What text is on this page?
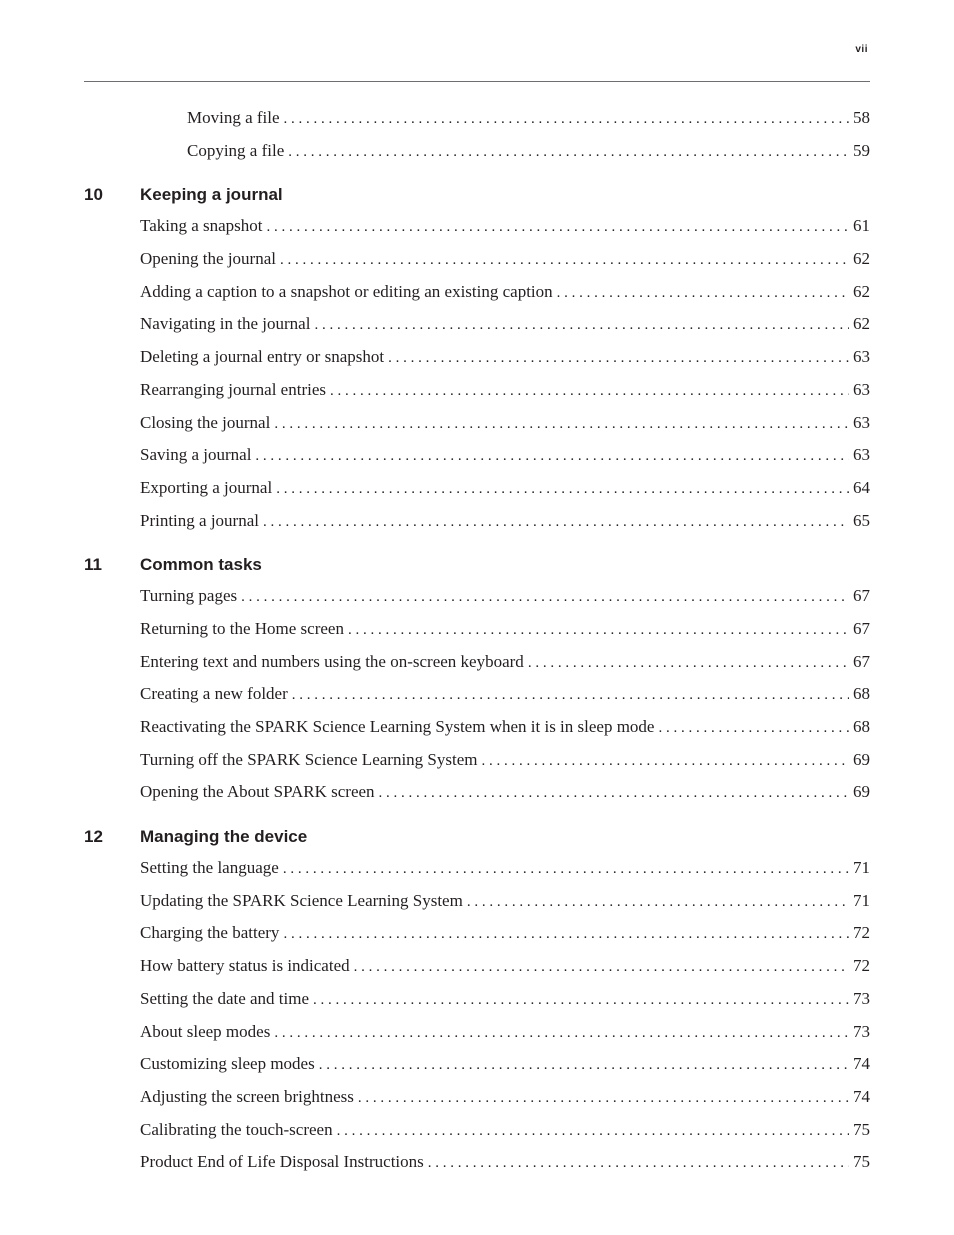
vii
Moving a file . . .	58
Copying a file . . .	59
10	Keeping a journal
Taking a snapshot . . .	61
Opening the journal . . .	62
Adding a caption to a snapshot or editing an existing caption . . .	62
Navigating in the journal . . .	62
Deleting a journal entry or snapshot . . .	63
Rearranging journal entries . . .	63
Closing the journal . . .	63
Saving a journal . . .	63
Exporting a journal . . .	64
Printing a journal . . .	65
11	Common tasks
Turning pages . . .	67
Returning to the Home screen . . .	67
Entering text and numbers using the on-screen keyboard . . .	67
Creating a new folder . . .	68
Reactivating the SPARK Science Learning System when it is in sleep mode . . .	68
Turning off the SPARK Science Learning System . . .	69
Opening the About SPARK screen . . .	69
12	Managing the device
Setting the language . . .	71
Updating the SPARK Science Learning System . . .	71
Charging the battery . . .	72
How battery status is indicated . . .	72
Setting the date and time . . .	73
About sleep modes . . .	73
Customizing sleep modes . . .	74
Adjusting the screen brightness . . .	74
Calibrating the touch-screen . . .	75
Product End of Life Disposal Instructions . . .	75
